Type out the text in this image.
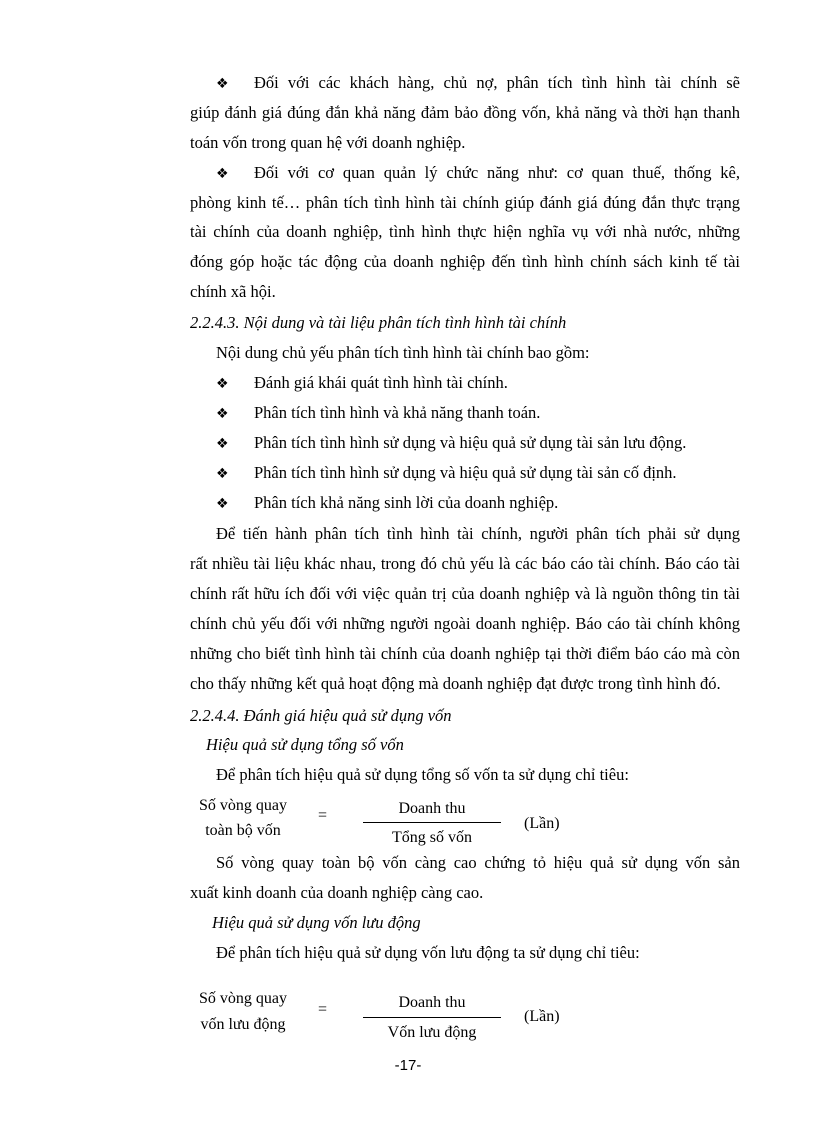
❖ Đối với các khách hàng, chủ nợ, phân tích tình hình tài chính sẽ
giúp đánh giá đúng đắn khả năng đảm bảo đồng vốn, khả năng và thời hạn thanh
toán vốn trong quan hệ với doanh nghiệp.
❖ Đối với cơ quan quản lý chức năng như: cơ quan thuế, thống kê,
phòng kinh tế… phân tích tình hình tài chính giúp đánh giá đúng đắn thực trạng
tài chính của doanh nghiệp, tình hình thực hiện nghĩa vụ với nhà nước, những
đóng góp hoặc tác động của doanh nghiệp đến tình hình chính sách kinh tế tài
chính xã hội.
2.2.4.3. Nội dung và tài liệu phân tích tình hình tài chính
Nội dung chủ yếu phân tích tình hình tài chính bao gồm:
❖ Đánh giá khái quát tình hình tài chính.
❖ Phân tích tình hình và khả năng thanh toán.
❖ Phân tích tình hình sử dụng và hiệu quả sử dụng tài sản lưu động.
❖ Phân tích tình hình sử dụng và hiệu quả sử dụng tài sản cố định.
❖ Phân tích khả năng sinh lời của doanh nghiệp.
Để tiến hành phân tích tình hình tài chính, người phân tích phải sử dụng
rất nhiều tài liệu khác nhau, trong đó chủ yếu là các báo cáo tài chính. Báo cáo tài
chính rất hữu ích đối với việc quản trị của doanh nghiệp và là nguồn thông tin tài
chính chủ yếu đối với những người ngoài doanh nghiệp. Báo cáo tài chính không
những cho biết tình hình tài chính của doanh nghiệp tại thời điểm báo cáo mà còn
cho thấy những kết quả hoạt động mà doanh nghiệp đạt được trong tình hình đó.
2.2.4.4. Đánh giá hiệu quả sử dụng vốn
Hiệu quả sử dụng tổng số vốn
Để phân tích hiệu quả sử dụng tổng số vốn ta sử dụng chỉ tiêu:
Số vòng quay
toàn bộ vốn
=	Doanh thu
Tổng số vốn
(Lần)
Số vòng quay toàn bộ vốn càng cao chứng tỏ hiệu quả sử dụng vốn sản
xuất kinh doanh của doanh nghiệp càng cao.
Hiệu quả sử dụng vốn lưu động
Để phân tích hiệu quả sử dụng vốn lưu động ta sử dụng chỉ tiêu:
Số vòng quay
vốn lưu động
=	Doanh thu
Vốn lưu động
(Lần)
-17-
